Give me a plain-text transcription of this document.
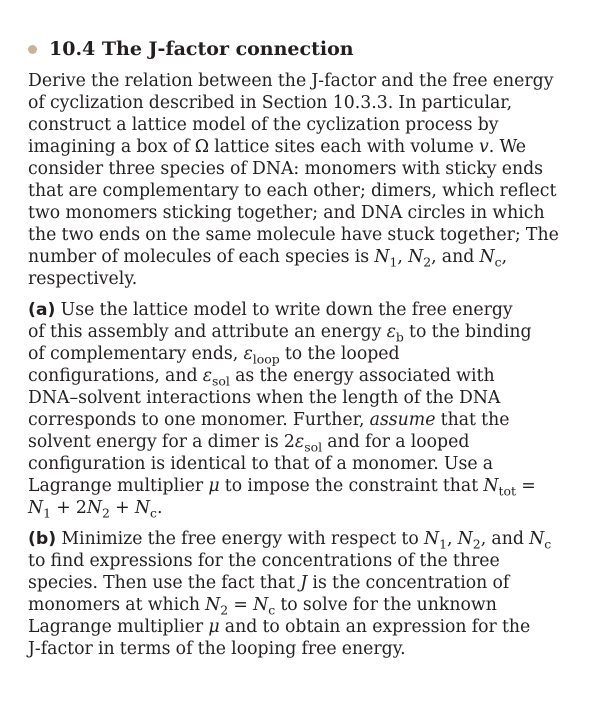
10.4
The J-factor connection
Derive the relation between the J-factor and the free energy
of cyclization described in Section 10.3.3. In particular,
construct a lattice model of the cyclization process by
imagining a box of Ω lattice sites each with volume v. We
consider three species of DNA: monomers with sticky ends
that are complementary to each other; dimers, which reflect
two monomers sticking together; and DNA circles in which
the two ends on the same molecule have stuck together; The
number of molecules of each species is $N_1$, $N_2$, and $N_c$,
respectively.
(a) Use the lattice model to write down the free energy
of this assembly and attribute an energy $\varepsilon_b$ to the binding
of complementary ends, $\varepsilon_{loop}$ to the looped
configurations, and $\varepsilon_{sol}$ as the energy associated with
DNA–solvent interactions when the length of the DNA
corresponds to one monomer. Further, assume that the
solvent energy for a dimer is $2\varepsilon_{sol}$ and for a looped
configuration is identical to that of a monomer. Use a
Lagrange multiplier μ to impose the constraint that $N_{tot}$ =
$N_1 + 2N_2 + N_c$.
(b) Minimize the free energy with respect to $N_1$, $N_2$, and $N_c$
to find expressions for the concentrations of the three
species. Then use the fact that J is the concentration of
monomers at which $N_2 = N_c$ to solve for the unknown
Lagrange multiplier μ and to obtain an expression for the
J-factor in terms of the looping free energy.
